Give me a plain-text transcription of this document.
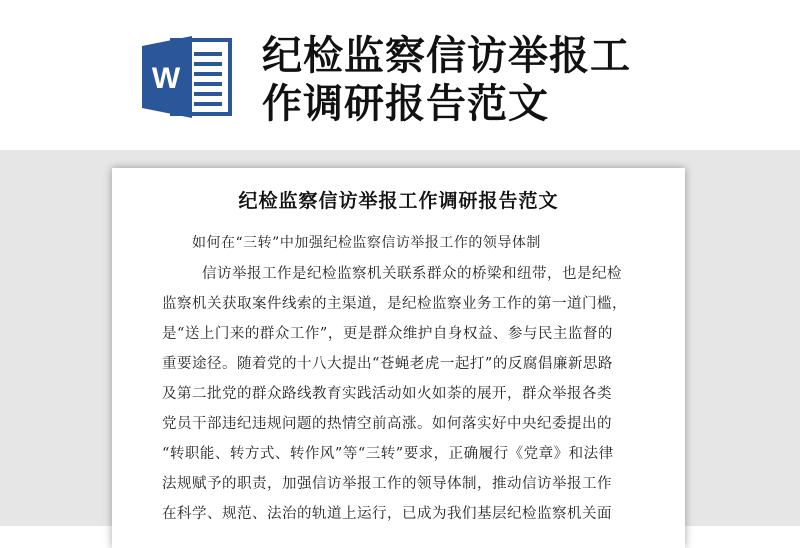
W 纪检监察信访举报工
作调研报告范文
纪检监察信访举报工作调研报告范文
如何在“三转”中加强纪检监察信访举报工作的领导体制
信访举报工作是纪检监察机关联系群众的桥梁和纽带，也是纪检
监察机关获取案件线索的主渠道，是纪检监察业务工作的第一道门槛，
是“送上门来的群众工作”，更是群众维护自身权益、参与民主监督的
重要途径。随着党的十八大提出“苍蝇老虎一起打”的反腐倡廉新思路
及第二批党的群众路线教育实践活动如火如荼的展开，群众举报各类
党员干部违纪违规问题的热情空前高涨。如何落实好中央纪委提出的
“转职能、转方式、转作风”等“三转”要求，正确履行《党章》和法律
法规赋予的职责，加强信访举报工作的领导体制，推动信访举报工作
在科学、规范、法治的轨道上运行，已成为我们基层纪检监察机关面
